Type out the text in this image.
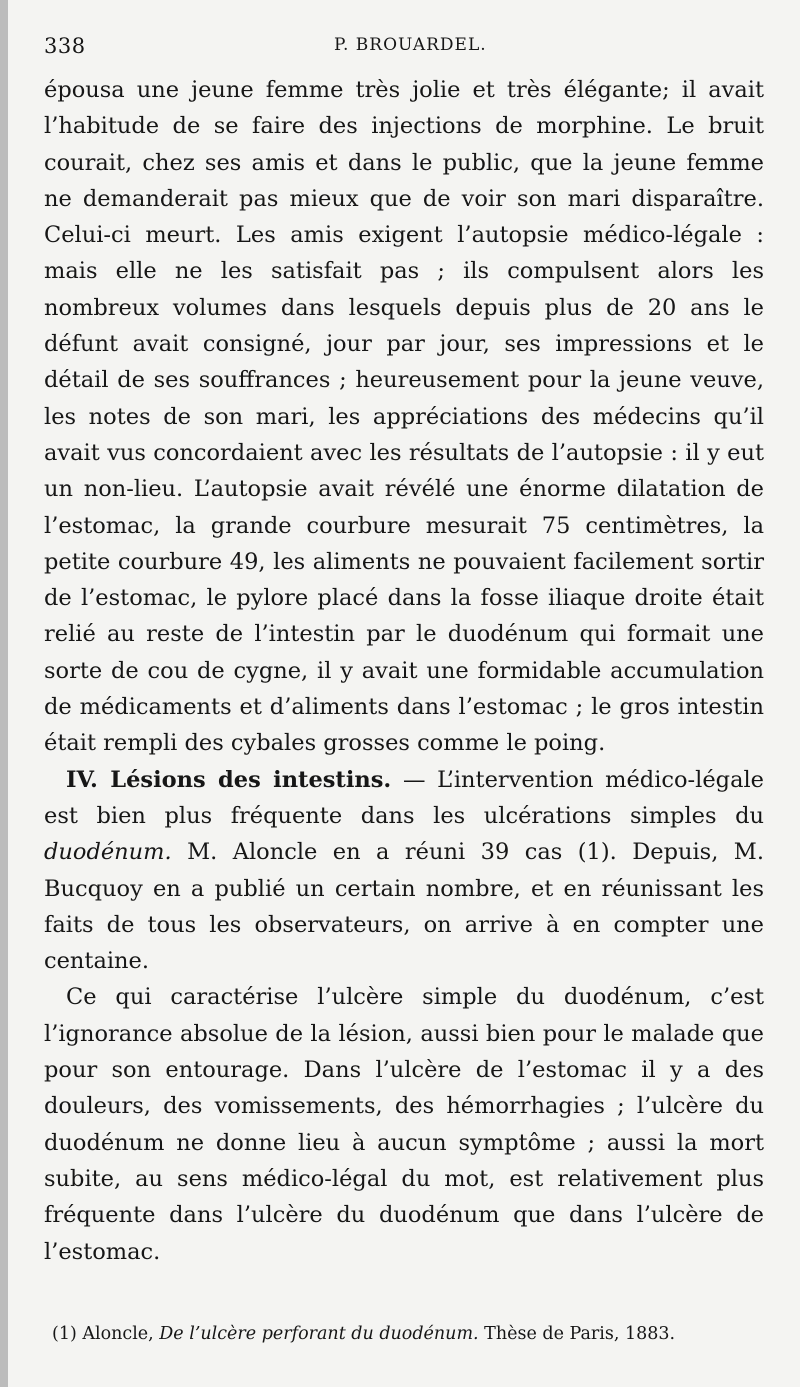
338	P. BROUARDEL.

épousa une jeune femme très jolie et très élégante; il avait l’habitude de se faire des injections de morphine. Le bruit courait, chez ses amis et dans le public, que la jeune femme ne demanderait pas mieux que de voir son mari disparaître. Celui-ci meurt. Les amis exigent l’autopsie médico-légale : mais elle ne les satisfait pas ; ils compulsent alors les nombreux volumes dans lesquels depuis plus de 20 ans le défunt avait consigné, jour par jour, ses impressions et le détail de ses souffrances ; heureusement pour la jeune veuve, les notes de son mari, les appréciations des médecins qu’il avait vus concordaient avec les résultats de l’autopsie : il y eut un non-lieu. L’autopsie avait révélé une énorme dilatation de l’estomac, la grande courbure mesurait 75 centimètres, la petite courbure 49, les aliments ne pouvaient facilement sortir de l’estomac, le pylore placé dans la fosse iliaque droite était relié au reste de l’intestin par le duodénum qui formait une sorte de cou de cygne, il y avait une formidable accumulation de médicaments et d’aliments dans l’estomac ; le gros intestin était rempli des cybales grosses comme le poing.

IV. Lésions des intestins. — L’intervention médico-légale est bien plus fréquente dans les ulcérations simples du duodénum. M. Aloncle en a réuni 39 cas (1). Depuis, M. Bucquoy en a publié un certain nombre, et en réunissant les faits de tous les observateurs, on arrive à en compter une centaine.

Ce qui caractérise l’ulcère simple du duodénum, c’est l’ignorance absolue de la lésion, aussi bien pour le malade que pour son entourage. Dans l’ulcère de l’estomac il y a des douleurs, des vomissements, des hémorrhagies ; l’ulcère du duodénum ne donne lieu à aucun symptôme ; aussi la mort subite, au sens médico-légal du mot, est relativement plus fréquente dans l’ulcère du duodénum que dans l’ulcère de l’estomac.

(1) Aloncle, De l’ulcère perforant du duodénum. Thèse de Paris, 1883.
